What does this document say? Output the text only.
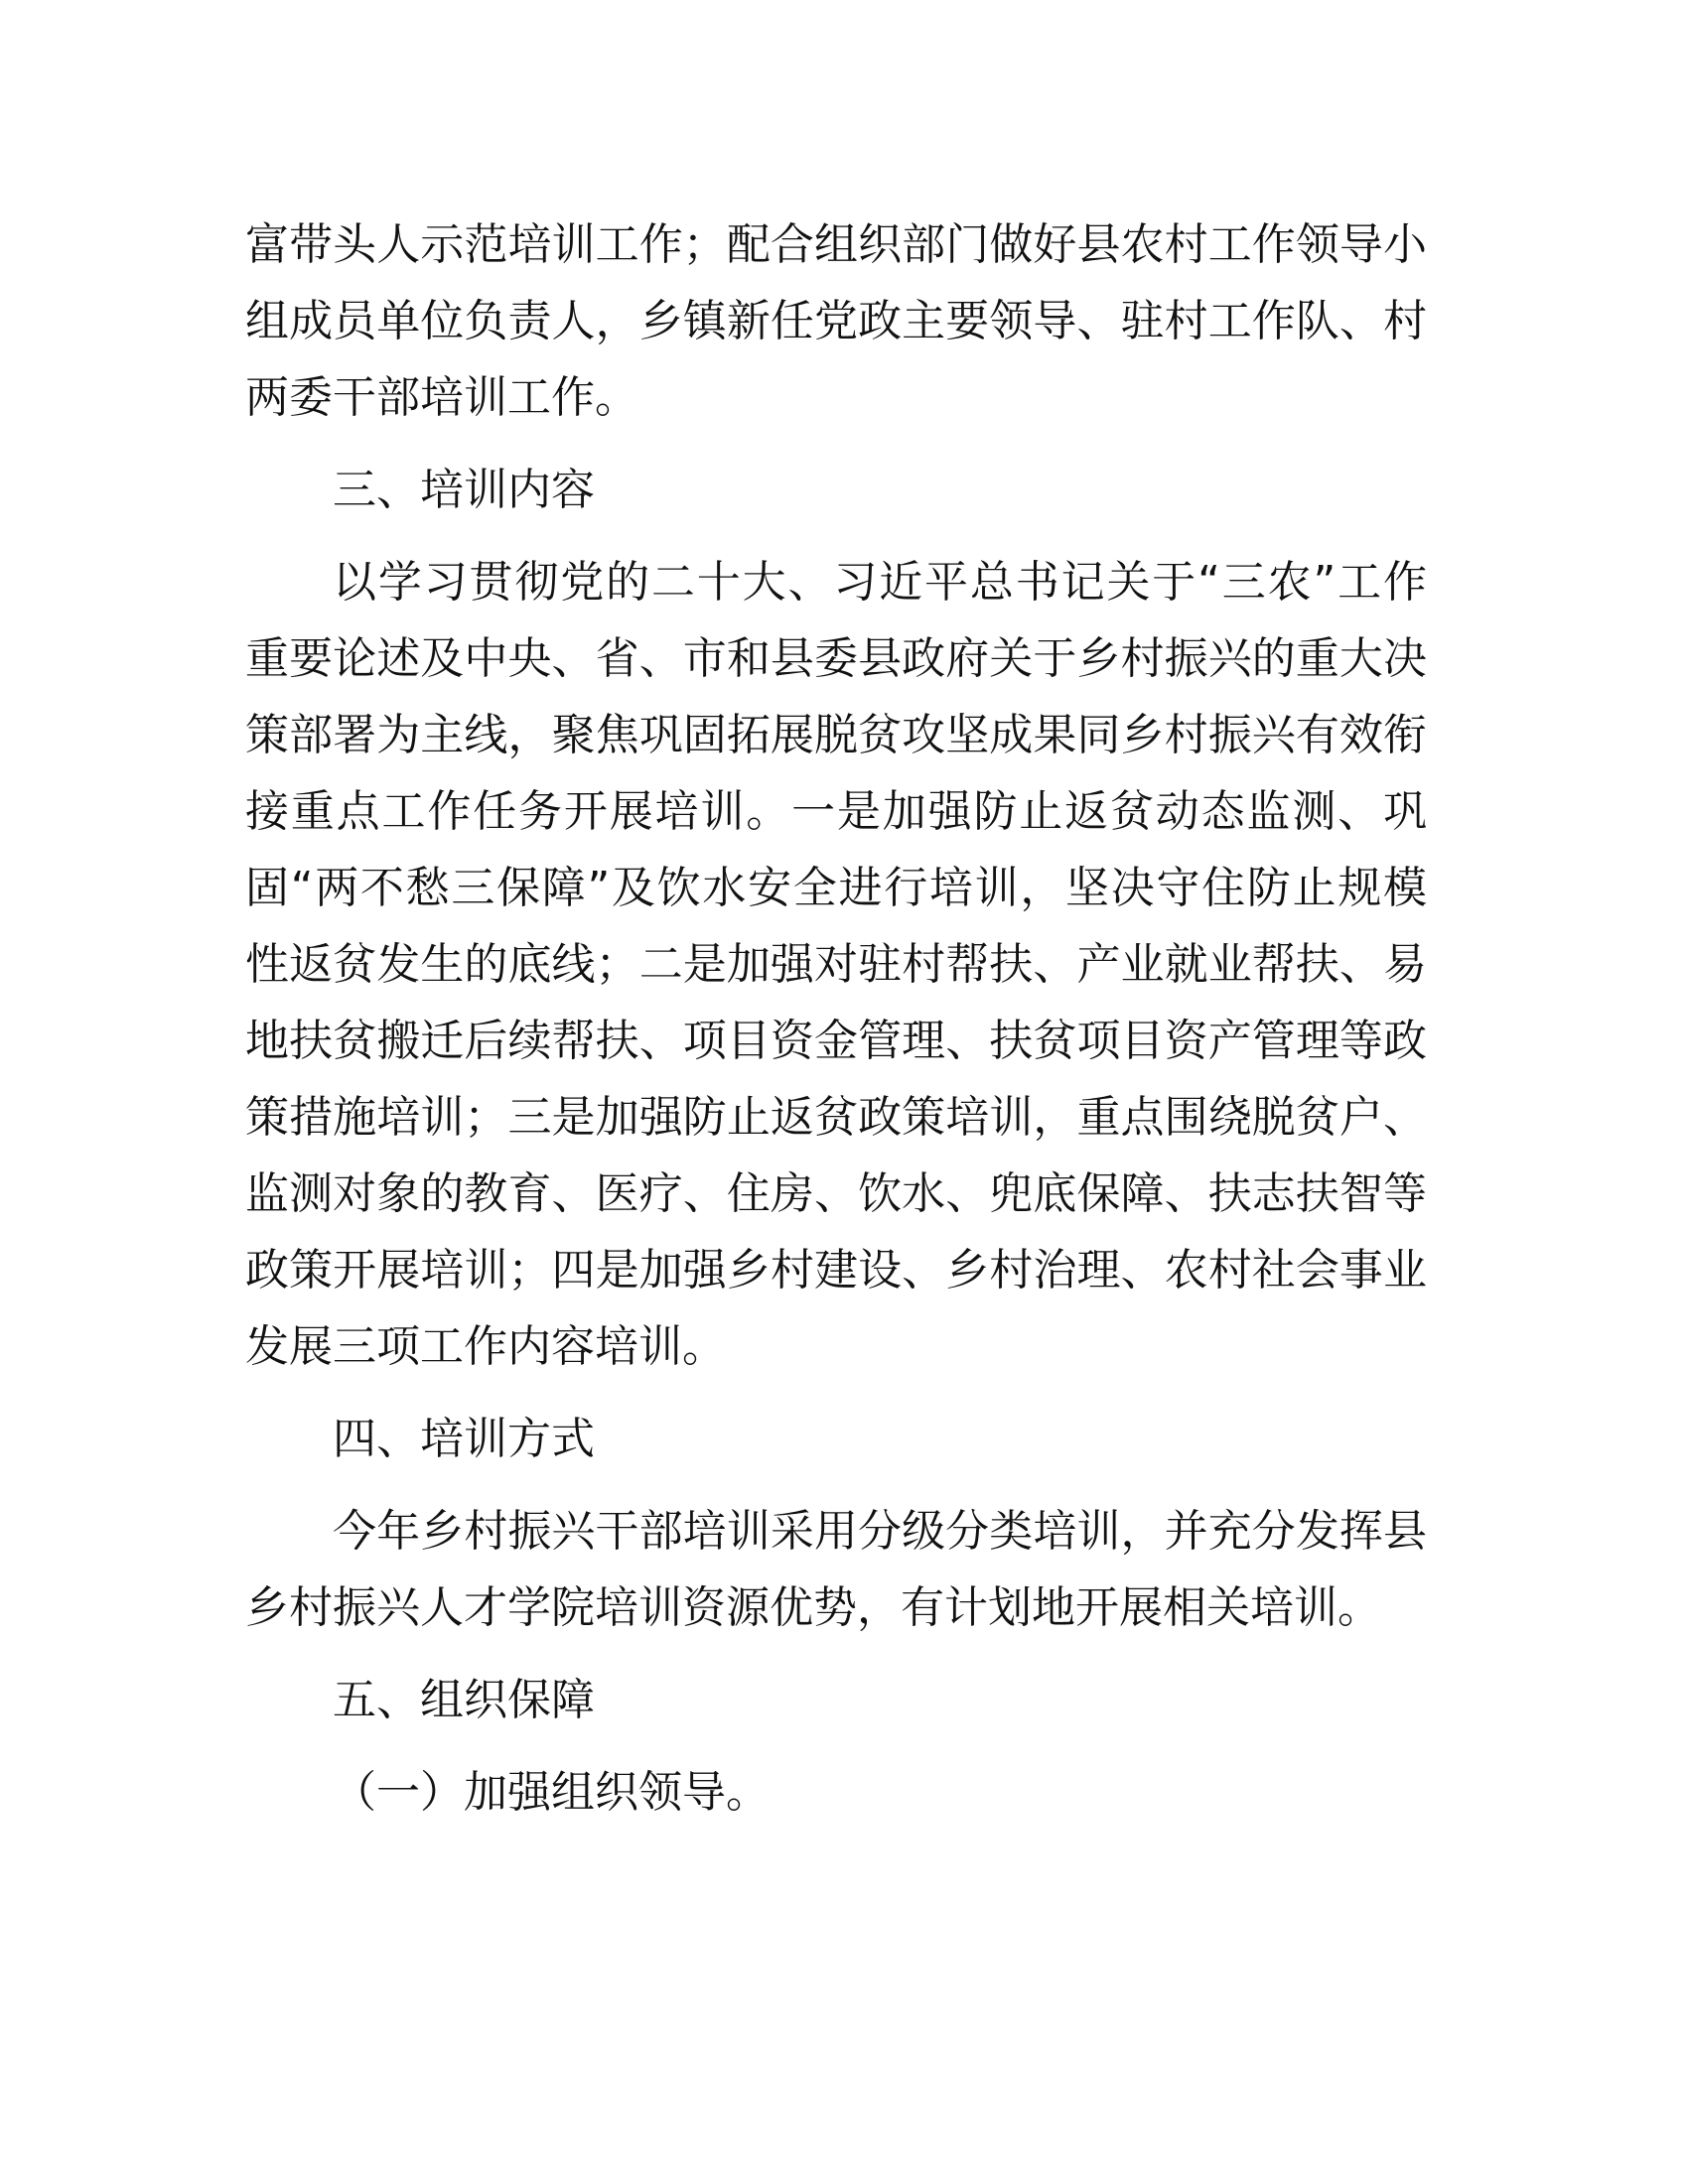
富带头人示范培训工作；配合组织部门做好县农村工作领导小
组成员单位负责人，乡镇新任党政主要领导、驻村工作队、村
两委干部培训工作。
三、培训内容
以学习贯彻党的二十大、习近平总书记关于“三农”工作
重要论述及中央、省、市和县委县政府关于乡村振兴的重大决
策部署为主线，聚焦巩固拓展脱贫攻坚成果同乡村振兴有效衔
接重点工作任务开展培训。一是加强防止返贫动态监测、巩
固“两不愁三保障”及饮水安全进行培训，坚决守住防止规模
性返贫发生的底线；二是加强对驻村帮扶、产业就业帮扶、易
地扶贫搬迁后续帮扶、项目资金管理、扶贫项目资产管理等政
策措施培训；三是加强防止返贫政策培训，重点围绕脱贫户、
监测对象的教育、医疗、住房、饮水、兜底保障、扶志扶智等
政策开展培训；四是加强乡村建设、乡村治理、农村社会事业
发展三项工作内容培训。
四、培训方式
今年乡村振兴干部培训采用分级分类培训，并充分发挥县
乡村振兴人才学院培训资源优势，有计划地开展相关培训。
五、组织保障
（一）加强组织领导。
